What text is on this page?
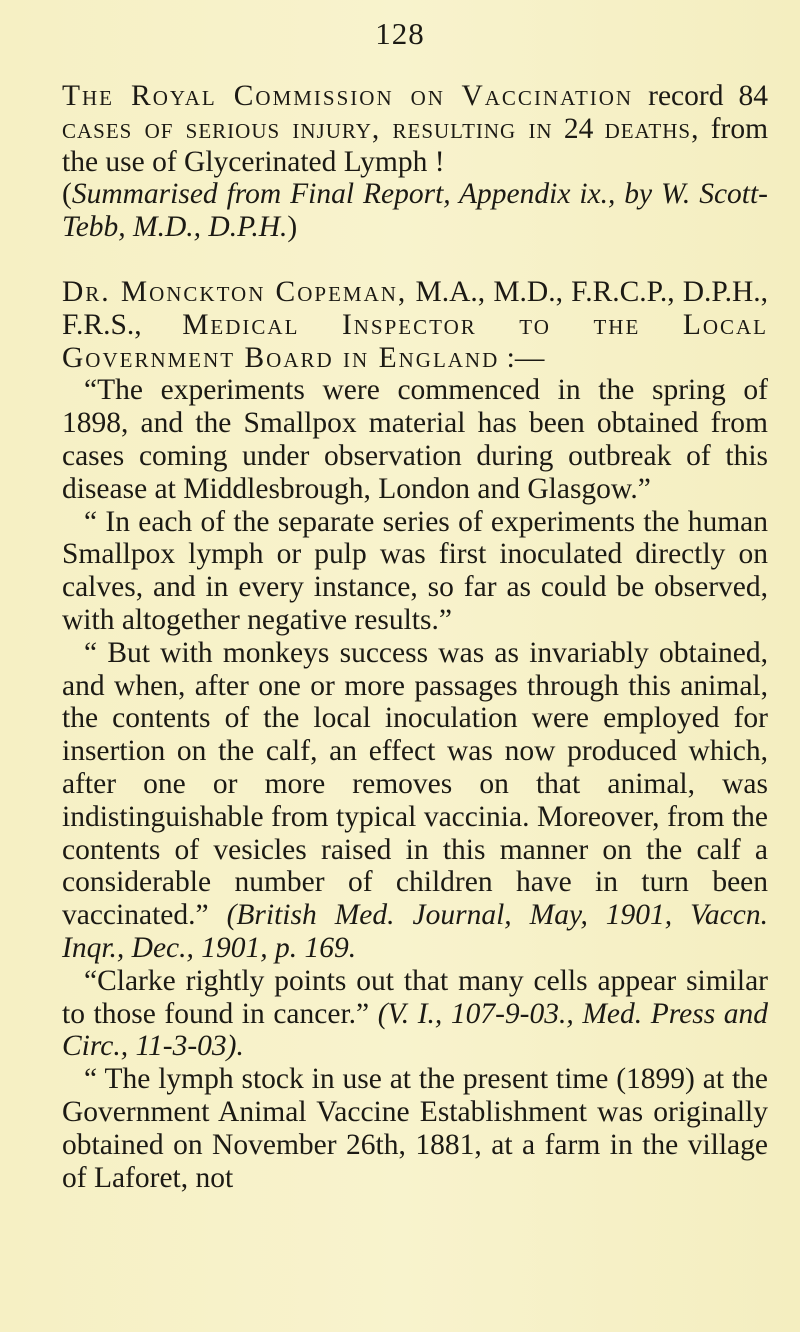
128

The Royal Commission on Vaccination record 84 cases of serious injury, resulting in 24 deaths, from the use of Glycerinated Lymph !
(Summarised from Final Report, Appendix ix., by W. Scott-Tebb, M.D., D.P.H.)

Dr. Monckton Copeman, M.A., M.D., F.R.C.P., D.P.H., F.R.S., Medical Inspector to the Local Government Board in England :—

“The experiments were commenced in the spring of 1898, and the Smallpox material has been obtained from cases coming under observation during outbreak of this disease at Middlesbrough, London and Glasgow.”

“ In each of the separate series of experiments the human Smallpox lymph or pulp was first inoculated directly on calves, and in every instance, so far as could be observed, with altogether negative results.”

“ But with monkeys success was as invariably obtained, and when, after one or more passages through this animal, the contents of the local inoculation were employed for insertion on the calf, an effect was now produced which, after one or more removes on that animal, was indistinguishable from typical vaccinia. Moreover, from the contents of vesicles raised in this manner on the calf a considerable number of children have in turn been vaccinated.” (British Med. Journal, May, 1901, Vaccn. Inqr., Dec., 1901, p. 169.

“Clarke rightly points out that many cells appear similar to those found in cancer.” (V. I., 107-9-03., Med. Press and Circ., 11-3-03).

“ The lymph stock in use at the present time (1899) at the Government Animal Vaccine Establishment was originally obtained on November 26th, 1881, at a farm in the village of Laforet, not
